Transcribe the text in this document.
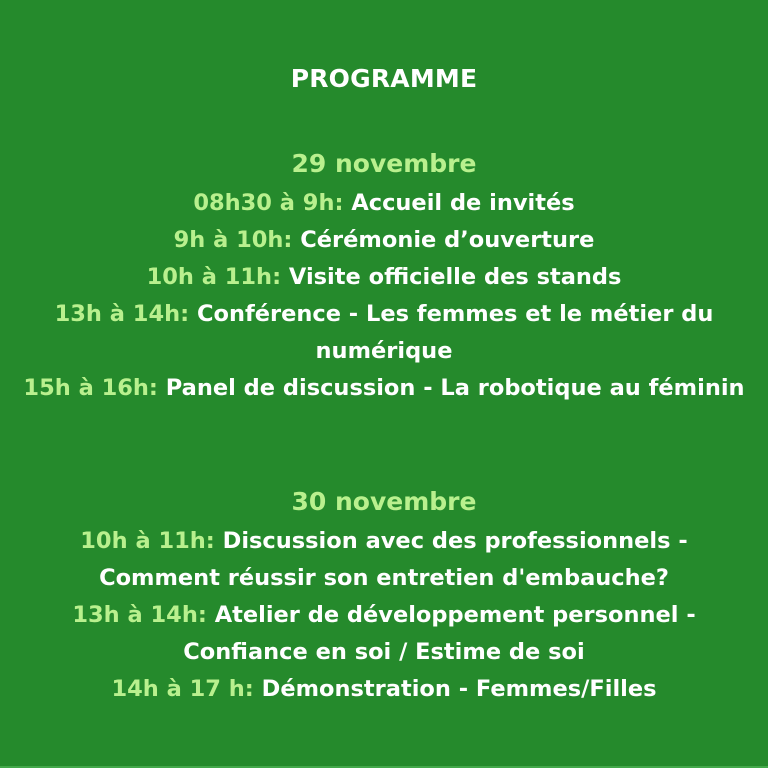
PROGRAMME
29 novembre
08h30 à 9h: Accueil de invités
9h à 10h: Cérémonie d’ouverture
10h à 11h: Visite officielle des stands
13h à 14h: Conférence - Les femmes et le métier du numérique
15h à 16h: Panel de discussion - La robotique au féminin
30 novembre
10h à 11h: Discussion avec des professionnels - Comment réussir son entretien d'embauche?
13h à 14h: Atelier de développement personnel - Confiance en soi / Estime de soi
14h à 17 h: Démonstration - Femmes/Filles
